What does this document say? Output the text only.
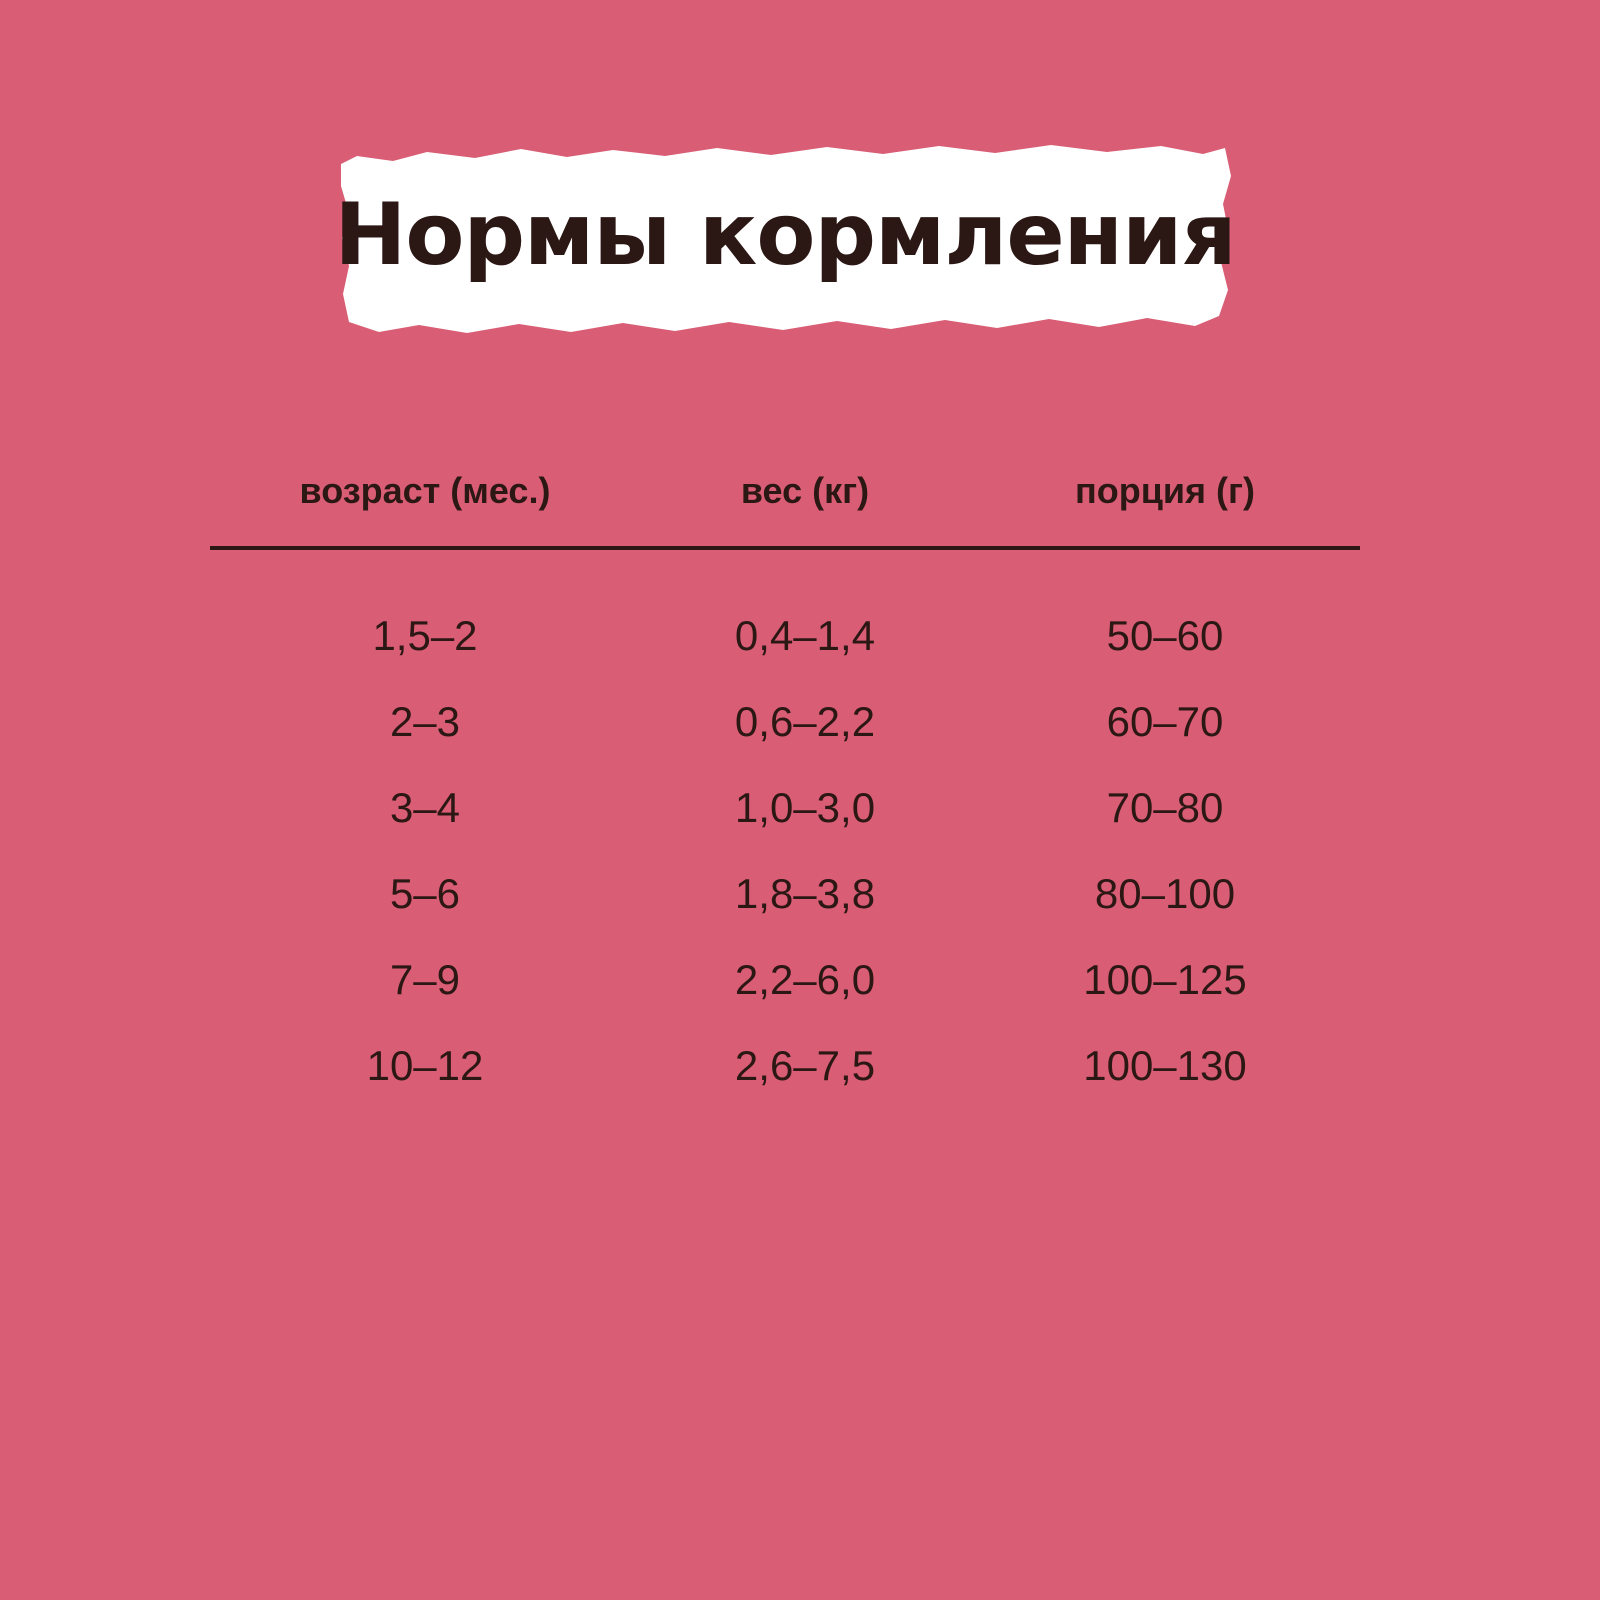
Нормы кормления
возраст (мес.)	вес (кг)	порция (г)
1,5–2	0,4–1,4	50–60
2–3	0,6–2,2	60–70
3–4	1,0–3,0	70–80
5–6	1,8–3,8	80–100
7–9	2,2–6,0	100–125
10–12	2,6–7,5	100–130
